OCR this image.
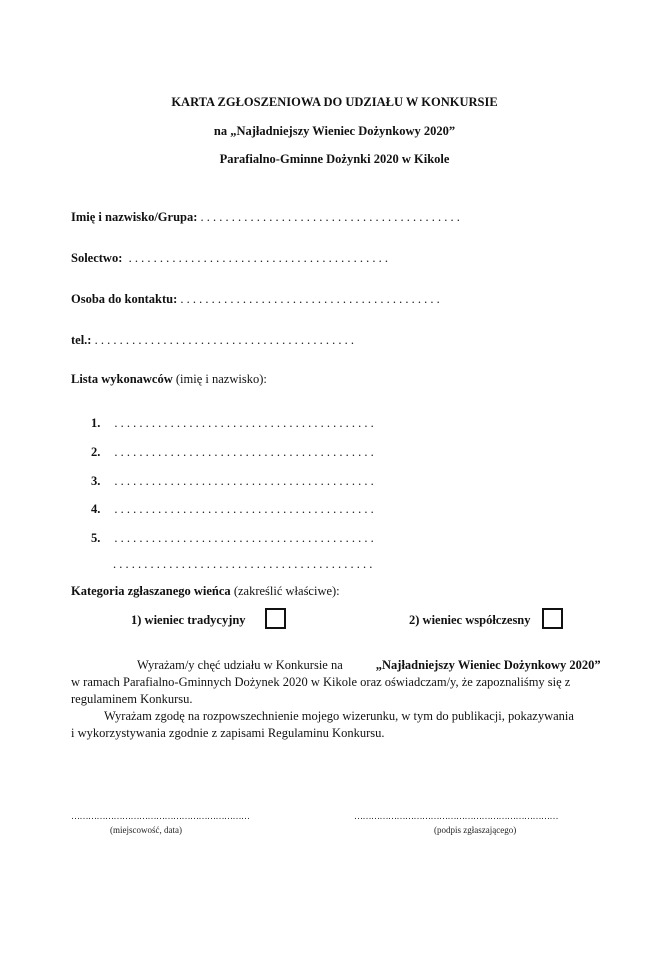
KARTA ZGŁOSZENIOWA DO UDZIAŁU W KONKURSIE
na „Najładniejszy Wieniec Dożynkowy 2020”
Parafialno-Gminne Dożynki 2020 w Kikole
Imię i nazwisko/Grupa: . . . . . . . . . . . . . . . . . . . . . . . . . . . . . . . . . . . . . . . . . .
Solectwo: . . . . . . . . . . . . . . . . . . . . . . . . . . . . . . . . . . . . . . . . . .
Osoba do kontaktu: . . . . . . . . . . . . . . . . . . . . . . . . . . . . . . . . . . . . . . . . . .
tel.: . . . . . . . . . . . . . . . . . . . . . . . . . . . . . . . . . . . . . . . . . .
Lista wykonawców (imię i nazwisko):
1. . . . . . . . . . . . . . . . . . . . . . . . . . . . . . . . . . . . . . . . . . .
2. . . . . . . . . . . . . . . . . . . . . . . . . . . . . . . . . . . . . . . . . . .
3. . . . . . . . . . . . . . . . . . . . . . . . . . . . . . . . . . . . . . . . . . .
4. . . . . . . . . . . . . . . . . . . . . . . . . . . . . . . . . . . . . . . . . . .
5. . . . . . . . . . . . . . . . . . . . . . . . . . . . . . . . . . . . . . . . . . .
. . . . . . . . . . . . . . . . . . . . . . . . . . . . . . . . . . . . . . . . . .
Kategoria zgłaszanego wieńca (zakreślić właściwe):
1) wieniec tradycyjny	2) wieniec współczesny
Wyrażam/y chęć udziału w Konkursie na	„Najładniejszy Wieniec Dożynkowy 2020”
w ramach Parafialno-Gminnych Dożynek 2020 w Kikole oraz oświadczam/y, że zapoznaliśmy się z
regulaminem Konkursu.
Wyrażam zgodę na rozpowszechnienie mojego wizerunku, w tym do publikacji, pokazywania
i wykorzystywania zgodnie z zapisami Regulaminu Konkursu.
………………………………………………………
(miejscowość, data)
………………………………………………………………
(podpis zgłaszającego)
